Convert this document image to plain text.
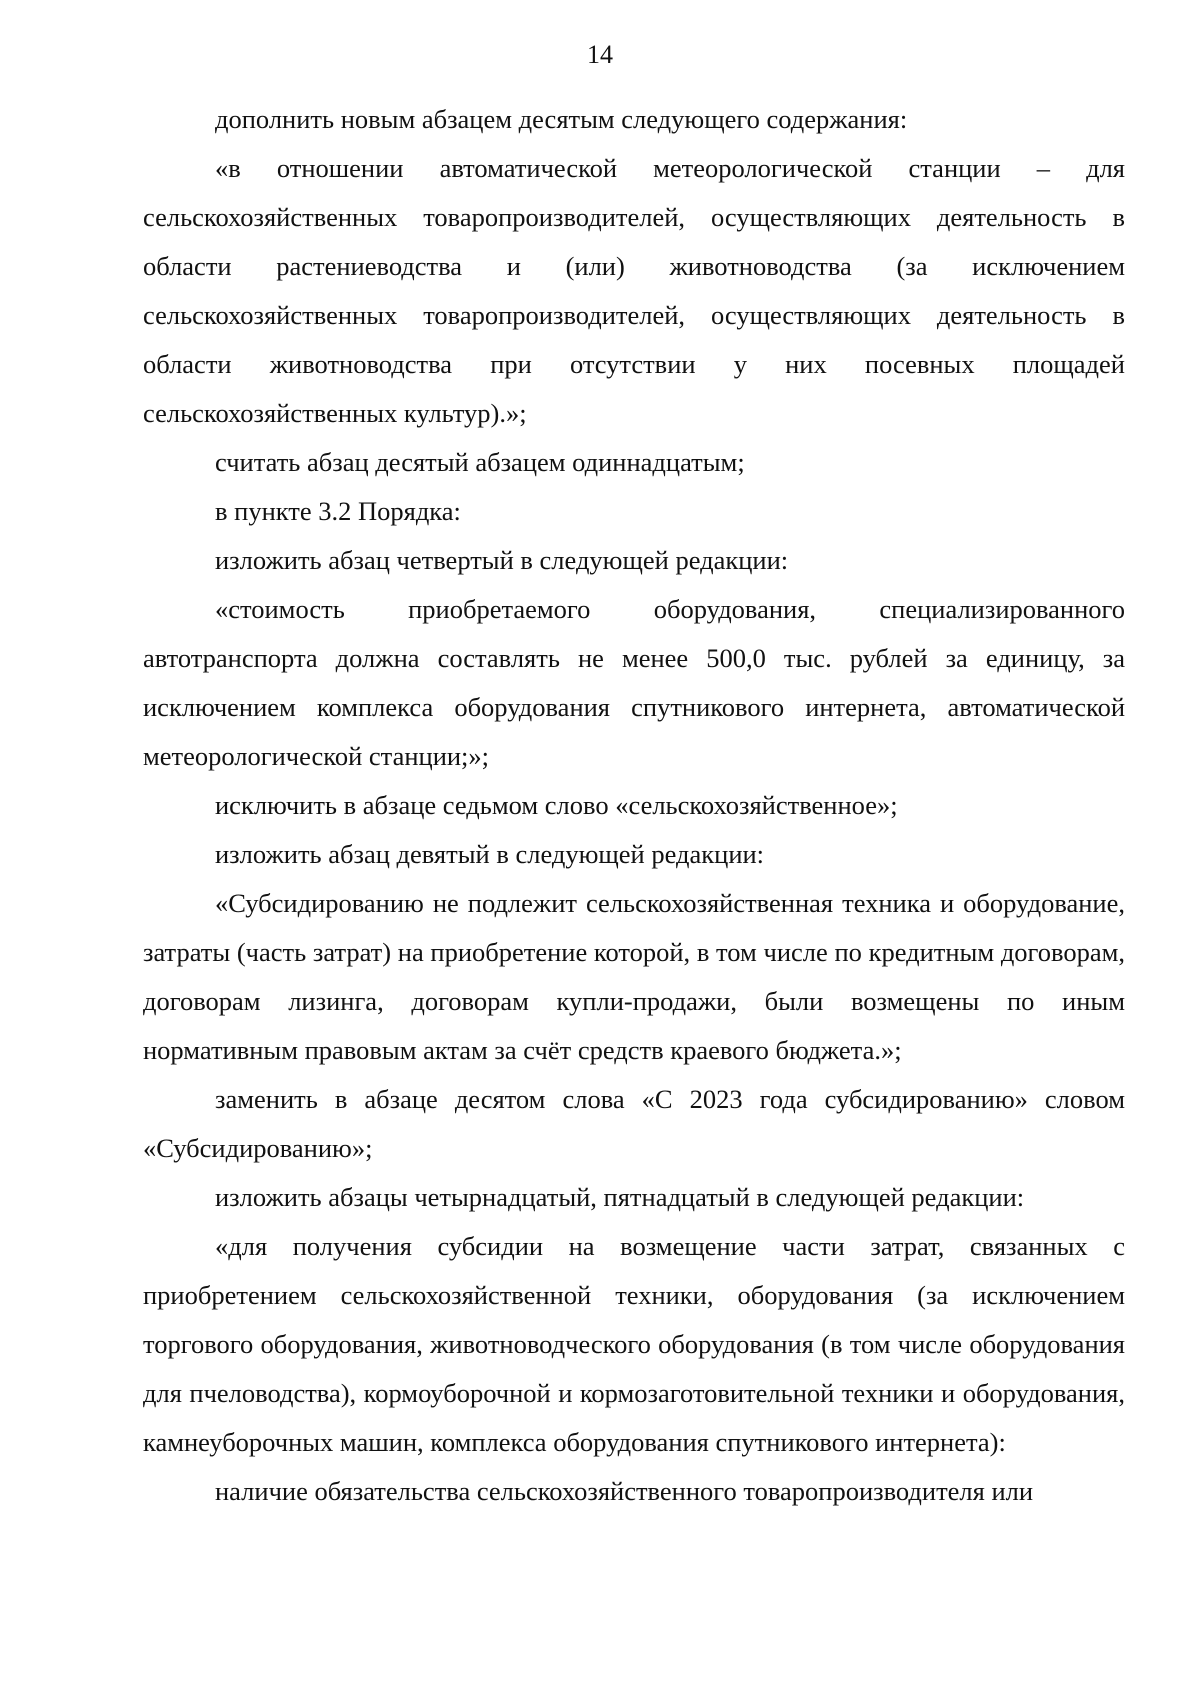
14

дополнить новым абзацем десятым следующего содержания:

«в отношении автоматической метеорологической станции – для сельскохозяйственных товаропроизводителей, осуществляющих деятельность в области растениеводства и (или) животноводства (за исключением сельскохозяйственных товаропроизводителей, осуществляющих деятельность в области животноводства при отсутствии у них посевных площадей сельскохозяйственных культур).»;

считать абзац десятый абзацем одиннадцатым;

в пункте 3.2 Порядка:

изложить абзац четвертый в следующей редакции:

«стоимость приобретаемого оборудования, специализированного автотранспорта должна составлять не менее 500,0 тыс. рублей за единицу, за исключением комплекса оборудования спутникового интернета, автоматической метеорологической станции;»;

исключить в абзаце седьмом слово «сельскохозяйственное»;

изложить абзац девятый в следующей редакции:

«Субсидированию не подлежит сельскохозяйственная техника и оборудование, затраты (часть затрат) на приобретение которой, в том числе по кредитным договорам, договорам лизинга, договорам купли-продажи, были возмещены по иным нормативным правовым актам за счёт средств краевого бюджета.»;

заменить в абзаце десятом слова «С 2023 года субсидированию» словом «Субсидированию»;

изложить абзацы четырнадцатый, пятнадцатый в следующей редакции:

«для получения субсидии на возмещение части затрат, связанных с приобретением сельскохозяйственной техники, оборудования (за исключением торгового оборудования, животноводческого оборудования (в том числе оборудования для пчеловодства), кормоуборочной и кормозаготовительной техники и оборудования, камнеуборочных машин, комплекса оборудования спутникового интернета):

наличие обязательства сельскохозяйственного товаропроизводителя или
